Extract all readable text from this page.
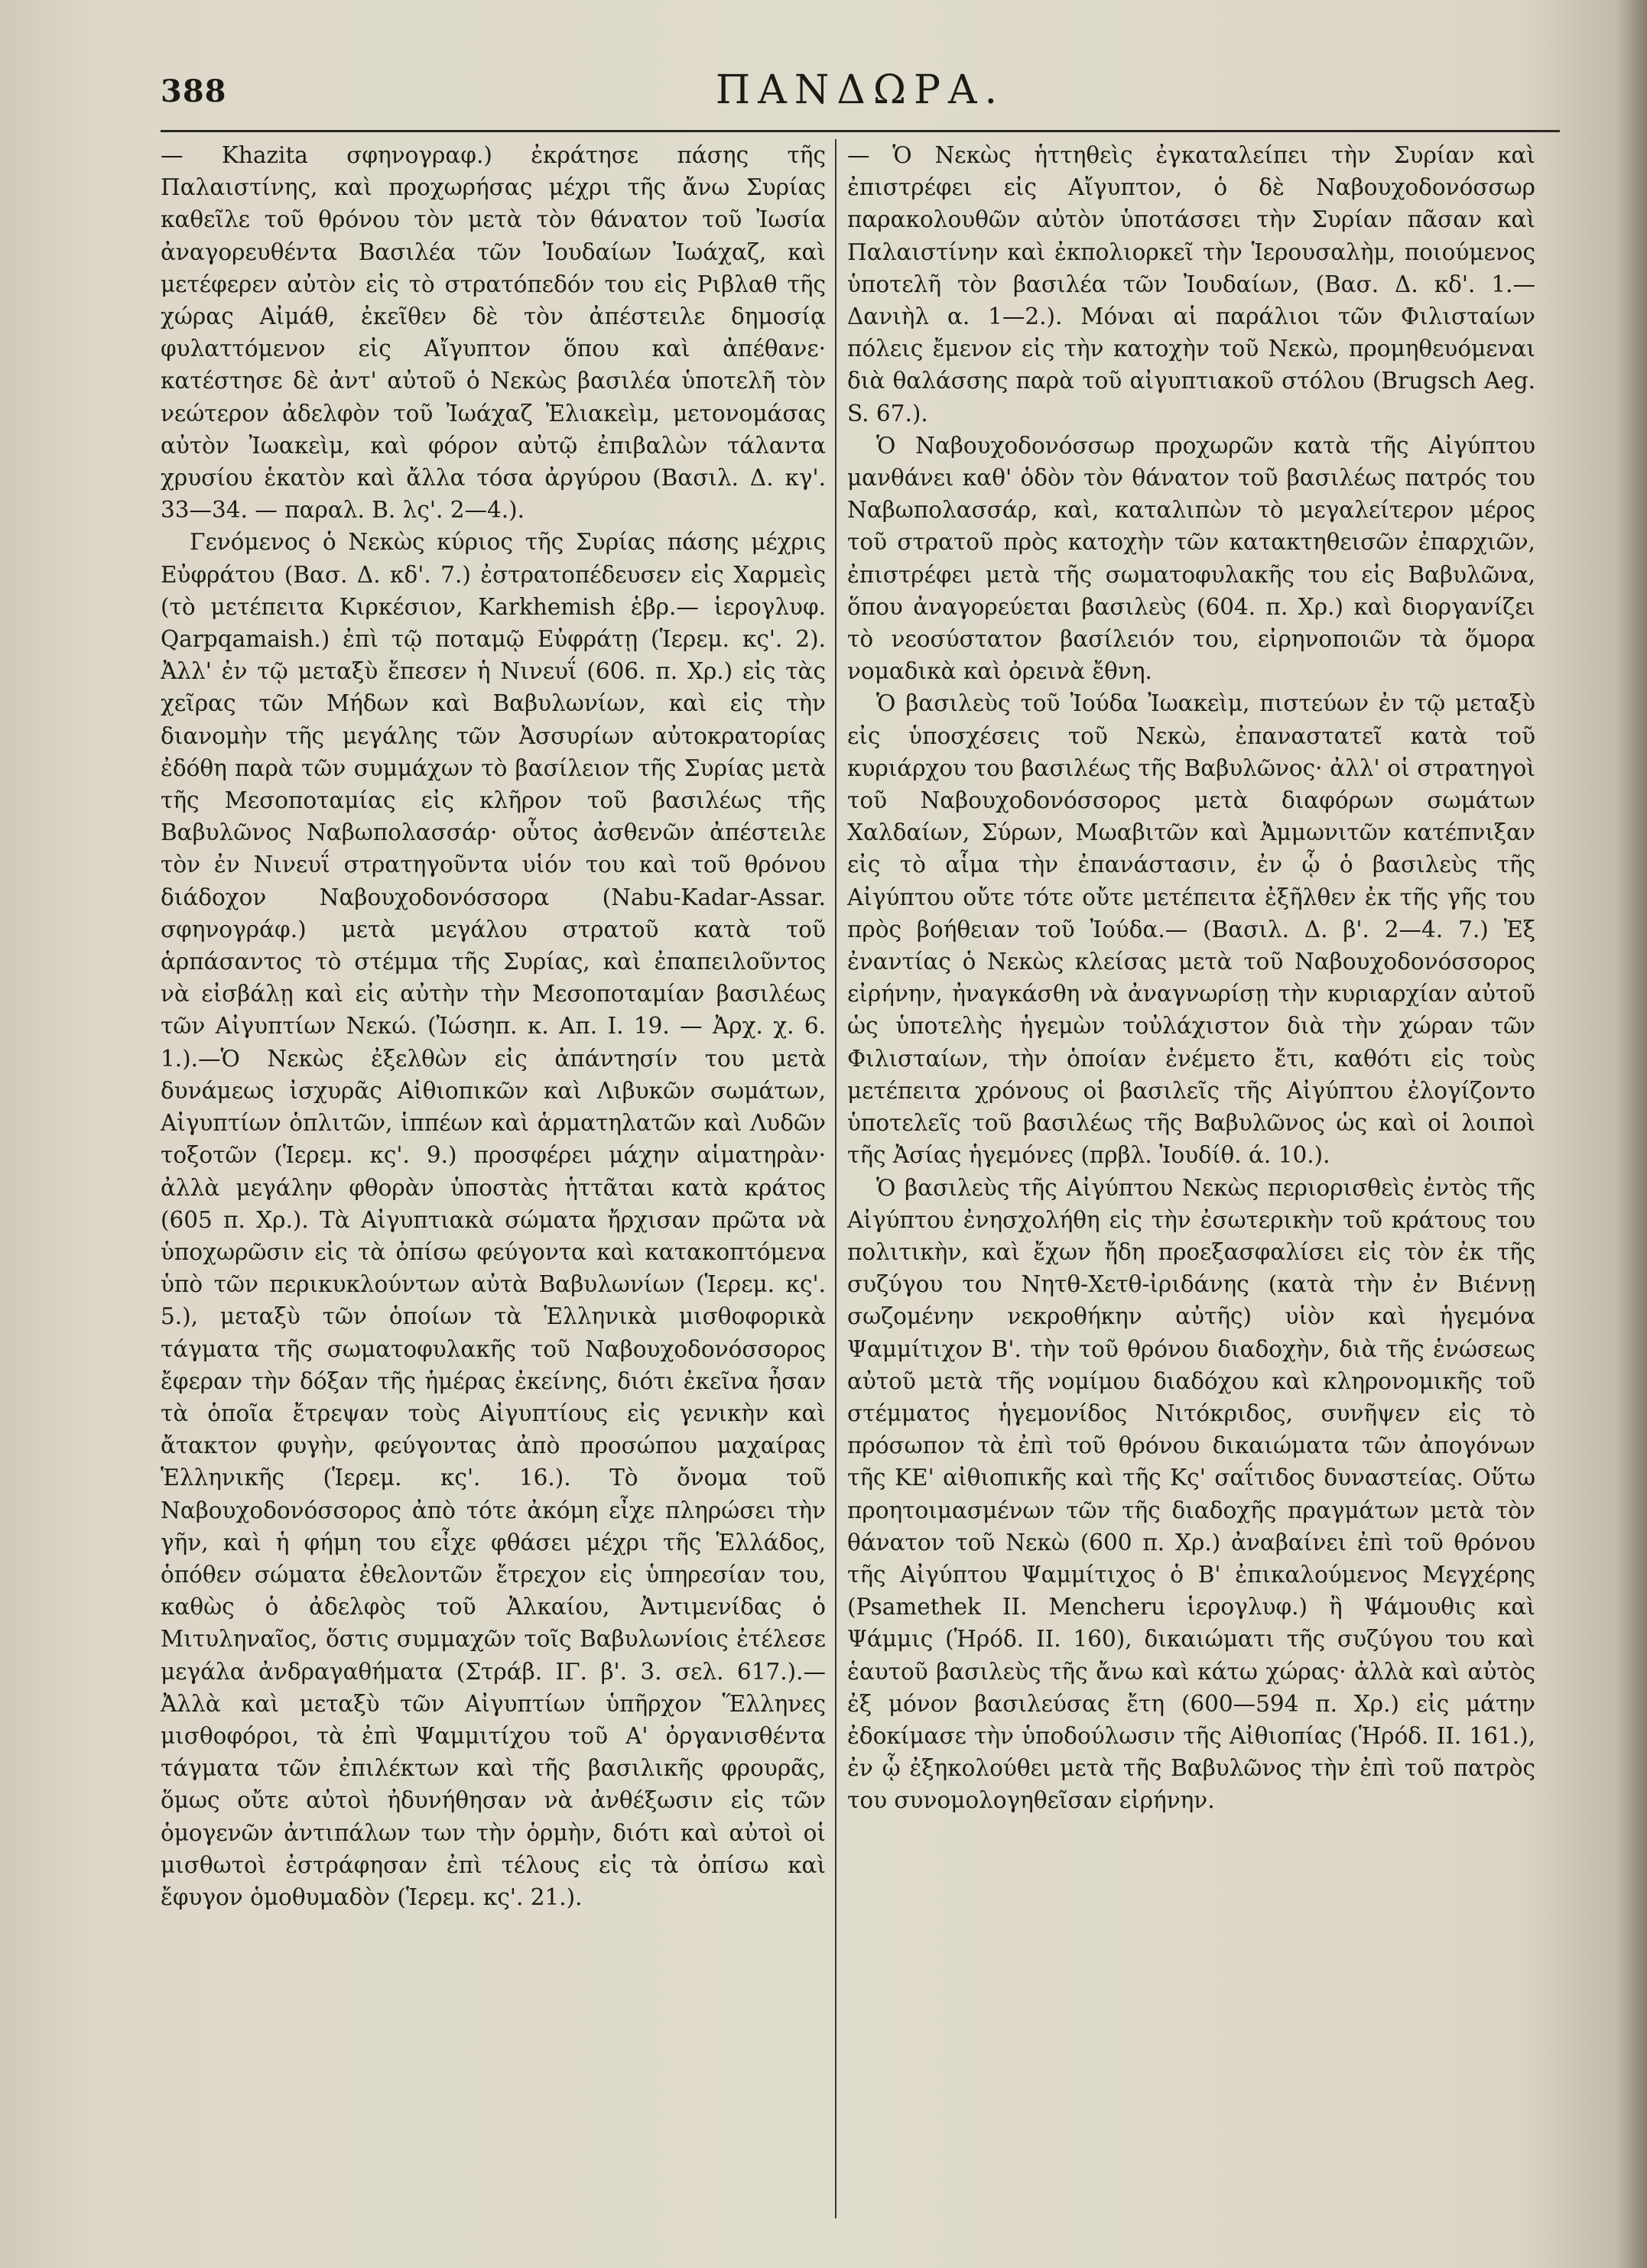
388	ΠΑΝΔΩΡΑ.

— Khazita σφηνογραφ.) ἐκράτησε πάσης τῆς Παλαιστίνης, καὶ προχωρήσας μέχρι τῆς ἄνω Συρίας καθεῖλε τοῦ θρόνου τὸν μετὰ τὸν θάνατον τοῦ Ἰωσία ἀναγορευθέντα Βασιλέα τῶν Ἰουδαίων Ἰωάχαζ, καὶ μετέφερεν αὐτὸν εἰς τὸ στρατόπεδόν του εἰς Ριβλαθ τῆς χώρας Αἰμάθ, ἐκεῖθεν δὲ τὸν ἀπέστειλε δημοσίᾳ φυλαττόμενον εἰς Αἴγυπτον ὅπου καὶ ἀπέθανε· κατέστησε δὲ ἀντ' αὐτοῦ ὁ Νεκὼς βασιλέα ὑποτελῆ τὸν νεώτερον ἀδελφὸν τοῦ Ἰωάχαζ Ἐλιακεὶμ, μετονομάσας αὐτὸν Ἰωακεὶμ, καὶ φόρον αὐτῷ ἐπιβαλὼν τάλαντα χρυσίου ἑκατὸν καὶ ἄλλα τόσα ἀργύρου (Βασιλ. Δ. κγ'. 33—34. — παραλ. Β. λς'. 2—4.).

Γενόμενος ὁ Νεκὼς κύριος τῆς Συρίας πάσης μέχρις Εὐφράτου (Βασ. Δ. κδ'. 7.) ἐστρατοπέδευσεν εἰς Χαρμεὶς (τὸ μετέπειτα Κιρκέσιον, Karkhemish ἑβρ.— ἱερογλυφ. Qarpqamaish.) ἐπὶ τῷ ποταμῷ Εὐφράτῃ (Ἱερεμ. κς'. 2). Ἀλλ' ἐν τῷ μεταξὺ ἔπεσεν ἡ Νινευΐ (606. π. Χρ.) εἰς τὰς χεῖρας τῶν Μήδων καὶ Βαβυλωνίων, καὶ εἰς τὴν διανομὴν τῆς μεγάλης τῶν Ἀσσυρίων αὐτοκρατορίας ἐδόθη παρὰ τῶν συμμάχων τὸ βασίλειον τῆς Συρίας μετὰ τῆς Μεσοποταμίας εἰς κλῆρον τοῦ βασιλέως τῆς Βαβυλῶνος Ναβωπολασσάρ· οὗτος ἀσθενῶν ἀπέστειλε τὸν ἐν Νινευΐ στρατηγοῦντα υἱόν του καὶ τοῦ θρόνου διάδοχον Ναβουχοδονόσσορα (Nabu-Kadar-Assar. σφηνογράφ.) μετὰ μεγάλου στρατοῦ κατὰ τοῦ ἁρπάσαντος τὸ στέμμα τῆς Συρίας, καὶ ἐπαπειλοῦντος νὰ εἰσβάλῃ καὶ εἰς αὐτὴν τὴν Μεσοποταμίαν βασιλέως τῶν Αἰγυπτίων Νεκώ. (Ἰώσηπ. κ. Απ. I. 19. — Ἀρχ. χ. 6. 1.).—Ὁ Νεκὼς ἐξελθὼν εἰς ἀπάντησίν του μετὰ δυνάμεως ἰσχυρᾶς Αἰθιοπικῶν καὶ Λιβυκῶν σωμάτων, Αἰγυπτίων ὁπλιτῶν, ἱππέων καὶ ἁρματηλατῶν καὶ Λυδῶν τοξοτῶν (Ἱερεμ. κς'. 9.) προσφέρει μάχην αἱματηρὰν· ἀλλὰ μεγάλην φθορὰν ὑποστὰς ἡττᾶται κατὰ κράτος (605 π. Χρ.). Τὰ Αἰγυπτιακὰ σώματα ἤρχισαν πρῶτα νὰ ὑποχωρῶσιν εἰς τὰ ὀπίσω φεύγοντα καὶ κατακοπτόμενα ὑπὸ τῶν περικυκλούντων αὐτὰ Βαβυλωνίων (Ἱερεμ. κς'. 5.), μεταξὺ τῶν ὁποίων τὰ Ἑλληνικὰ μισθοφορικὰ τάγματα τῆς σωματοφυλακῆς τοῦ Ναβουχοδονόσσορος ἔφεραν τὴν δόξαν τῆς ἡμέρας ἐκείνης, διότι ἐκεῖνα ἦσαν τὰ ὁποῖα ἔτρεψαν τοὺς Αἰγυπτίους εἰς γενικὴν καὶ ἄτακτον φυγὴν, φεύγοντας ἀπὸ προσώπου μαχαίρας Ἑλληνικῆς (Ἱερεμ. κς'. 16.). Τὸ ὄνομα τοῦ Ναβουχοδονόσσορος ἀπὸ τότε ἀκόμη εἶχε πληρώσει τὴν γῆν, καὶ ἡ φήμη του εἶχε φθάσει μέχρι τῆς Ἑλλάδος, ὁπόθεν σώματα ἐθελοντῶν ἔτρεχον εἰς ὑπηρεσίαν του, καθὼς ὁ ἀδελφὸς τοῦ Ἀλκαίου, Ἀντιμενίδας ὁ Μιτυληναῖος, ὅστις συμμαχῶν τοῖς Βαβυλωνίοις ἐτέλεσε μεγάλα ἀνδραγαθήματα (Στράβ. ΙΓ. β'. 3. σελ. 617.).— Ἀλλὰ καὶ μεταξὺ τῶν Αἰγυπτίων ὑπῆρχον Ἕλληνες μισθοφόροι, τὰ ἐπὶ Ψαμμιτίχου τοῦ Α' ὀργανισθέντα τάγματα τῶν ἐπιλέκτων καὶ τῆς βασιλικῆς φρουρᾶς, ὅμως οὔτε αὐτοὶ ἠδυνήθησαν νὰ ἀνθέξωσιν εἰς τῶν ὁμογενῶν ἀντιπάλων των τὴν ὁρμὴν, διότι καὶ αὐτοὶ οἱ μισθωτοὶ ἐστράφησαν ἐπὶ τέλους εἰς τὰ ὀπίσω καὶ ἔφυγον ὁμοθυμαδὸν (Ἱερεμ. κς'. 21.).

— Ὁ Νεκὼς ἡττηθεὶς ἐγκαταλείπει τὴν Συρίαν καὶ ἐπιστρέφει εἰς Αἴγυπτον, ὁ δὲ Ναβουχοδονόσσωρ παρακολουθῶν αὐτὸν ὑποτάσσει τὴν Συρίαν πᾶσαν καὶ Παλαιστίνην καὶ ἐκπολιορκεῖ τὴν Ἱερουσαλὴμ, ποιούμενος ὑποτελῆ τὸν βασιλέα τῶν Ἰουδαίων, (Βασ. Δ. κδ'. 1.— Δανιὴλ α. 1—2.). Μόναι αἱ παράλιοι τῶν Φιλισταίων πόλεις ἔμενον εἰς τὴν κατοχὴν τοῦ Νεκὼ, προμηθευόμεναι διὰ θαλάσσης παρὰ τοῦ αἰγυπτιακοῦ στόλου (Brugsch Aeg. S. 67.).

Ὁ Ναβουχοδονόσσωρ προχωρῶν κατὰ τῆς Αἰγύπτου μανθάνει καθ' ὁδὸν τὸν θάνατον τοῦ βασιλέως πατρός του Ναβωπολασσάρ, καὶ, καταλιπὼν τὸ μεγαλείτερον μέρος τοῦ στρατοῦ πρὸς κατοχὴν τῶν κατακτηθεισῶν ἐπαρχιῶν, ἐπιστρέφει μετὰ τῆς σωματοφυλακῆς του εἰς Βαβυλῶνα, ὅπου ἀναγορεύεται βασιλεὺς (604. π. Χρ.) καὶ διοργανίζει τὸ νεοσύστατον βασίλειόν του, εἰρηνοποιῶν τὰ ὅμορα νομαδικὰ καὶ ὀρεινὰ ἔθνη.

Ὁ βασιλεὺς τοῦ Ἰούδα Ἰωακεὶμ, πιστεύων ἐν τῷ μεταξὺ εἰς ὑποσχέσεις τοῦ Νεκὼ, ἐπαναστατεῖ κατὰ τοῦ κυριάρχου του βασιλέως τῆς Βαβυλῶνος· ἀλλ' οἱ στρατηγοὶ τοῦ Ναβουχοδονόσσορος μετὰ διαφόρων σωμάτων Χαλδαίων, Σύρων, Μωαβιτῶν καὶ Ἀμμωνιτῶν κατέπνιξαν εἰς τὸ αἷμα τὴν ἐπανάστασιν, ἐν ᾧ ὁ βασιλεὺς τῆς Αἰγύπτου οὔτε τότε οὔτε μετέπειτα ἐξῆλθεν ἐκ τῆς γῆς του πρὸς βοήθειαν τοῦ Ἰούδα.— (Βασιλ. Δ. β'. 2—4. 7.) Ἐξ ἐναντίας ὁ Νεκὼς κλείσας μετὰ τοῦ Ναβουχοδονόσσορος εἰρήνην, ἠναγκάσθη νὰ ἀναγνωρίσῃ τὴν κυριαρχίαν αὐτοῦ ὡς ὑποτελὴς ἡγεμὼν τοὐλάχιστον διὰ τὴν χώραν τῶν Φιλισταίων, τὴν ὁποίαν ἐνέμετο ἔτι, καθότι εἰς τοὺς μετέπειτα χρόνους οἱ βασιλεῖς τῆς Αἰγύπτου ἐλογίζοντο ὑποτελεῖς τοῦ βασιλέως τῆς Βαβυλῶνος ὡς καὶ οἱ λοιποὶ τῆς Ἀσίας ἡγεμόνες (πρβλ. Ἰουδίθ. ά. 10.).

Ὁ βασιλεὺς τῆς Αἰγύπτου Νεκὼς περιορισθεὶς ἐντὸς τῆς Αἰγύπτου ἐνησχολήθη εἰς τὴν ἐσωτερικὴν τοῦ κράτους του πολιτικὴν, καὶ ἔχων ἤδη προεξασφαλίσει εἰς τὸν ἐκ τῆς συζύγου του Νητθ-Χετθ-ἰριδάνης (κατὰ τὴν ἐν Βιέννῃ σωζομένην νεκροθήκην αὐτῆς) υἱὸν καὶ ἡγεμόνα Ψαμμίτιχον Β'. τὴν τοῦ θρόνου διαδοχὴν, διὰ τῆς ἑνώσεως αὐτοῦ μετὰ τῆς νομίμου διαδόχου καὶ κληρονομικῆς τοῦ στέμματος ἡγεμονίδος Νιτόκριδος, συνῆψεν εἰς τὸ πρόσωπον τὰ ἐπὶ τοῦ θρόνου δικαιώματα τῶν ἀπογόνων τῆς ΚΕ' αἰθιοπικῆς καὶ τῆς Κς' σαΐτιδος δυναστείας. Οὕτω προητοιμασμένων τῶν τῆς διαδοχῆς πραγμάτων μετὰ τὸν θάνατον τοῦ Νεκὼ (600 π. Χρ.) ἀναβαίνει ἐπὶ τοῦ θρόνου τῆς Αἰγύπτου Ψαμμίτιχος ὁ Β' ἐπικαλούμενος Μεγχέρης (Psamethek II. Mencheru ἱερογλυφ.) ἢ Ψάμουθις καὶ Ψάμμις (Ἡρόδ. II. 160), δικαιώματι τῆς συζύγου του καὶ ἑαυτοῦ βασιλεὺς τῆς ἄνω καὶ κάτω χώρας· ἀλλὰ καὶ αὐτὸς ἐξ μόνον βασιλεύσας ἔτη (600—594 π. Χρ.) εἰς μάτην ἐδοκίμασε τὴν ὑποδούλωσιν τῆς Αἰθιοπίας (Ἡρόδ. II. 161.), ἐν ᾧ ἐξηκολούθει μετὰ τῆς Βαβυλῶνος τὴν ἐπὶ τοῦ πατρὸς του συνομολογηθεῖσαν εἰρήνην.
